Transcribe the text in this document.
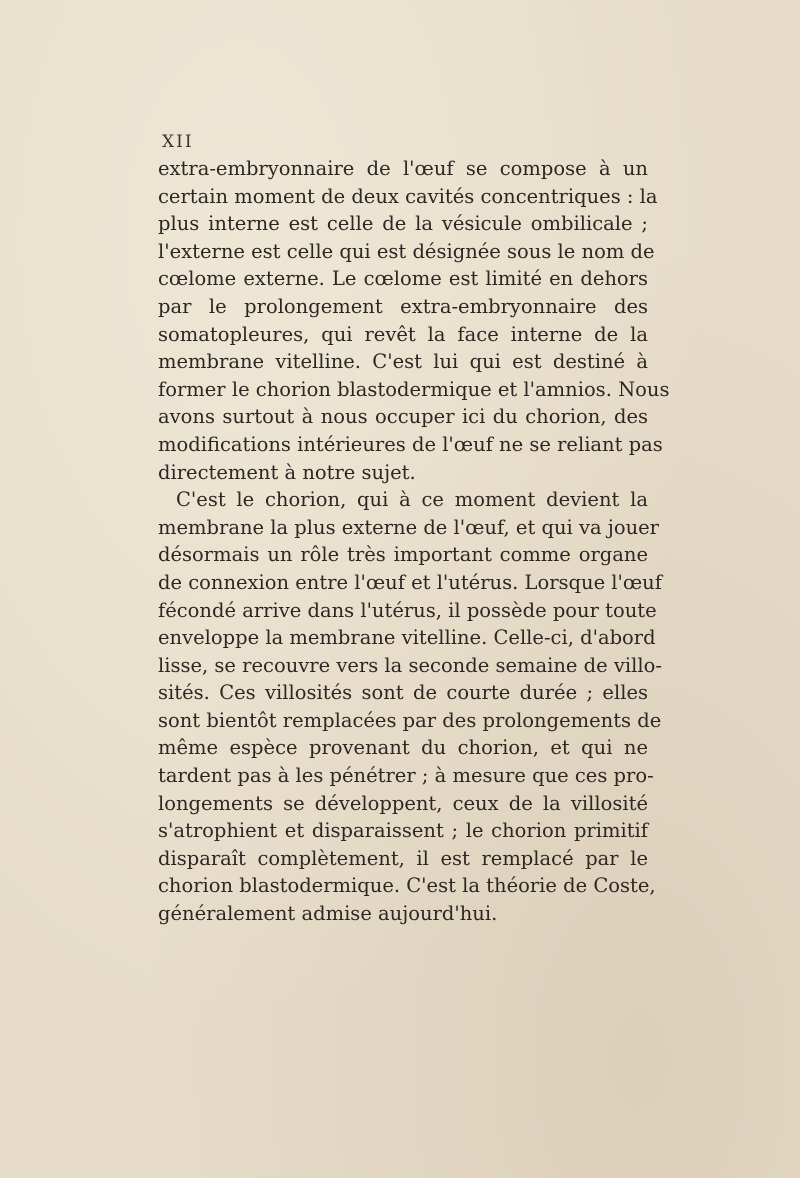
XII
extra-embryonnaire de l'œuf se compose à un
certain moment de deux cavités concentriques : la
plus interne est celle de la vésicule ombilicale ;
l'externe est celle qui est désignée sous le nom de
cœlome externe. Le cœlome est limité en dehors
par le prolongement extra-embryonnaire des
somatopleures, qui revêt la face interne de la
membrane vitelline. C'est lui qui est destiné à
former le chorion blastodermique et l'amnios. Nous
avons surtout à nous occuper ici du chorion, des
modifications intérieures de l'œuf ne se reliant pas
directement à notre sujet.
C'est le chorion, qui à ce moment devient la
membrane la plus externe de l'œuf, et qui va jouer
désormais un rôle très important comme organe
de connexion entre l'œuf et l'utérus. Lorsque l'œuf
fécondé arrive dans l'utérus, il possède pour toute
enveloppe la membrane vitelline. Celle-ci, d'abord
lisse, se recouvre vers la seconde semaine de villo-
sités. Ces villosités sont de courte durée ; elles
sont bientôt remplacées par des prolongements de
même espèce provenant du chorion, et qui ne
tardent pas à les pénétrer ; à mesure que ces pro-
longements se développent, ceux de la villosité
s'atrophient et disparaissent ; le chorion primitif
disparaît complètement, il est remplacé par le
chorion blastodermique. C'est la théorie de Coste,
généralement admise aujourd'hui.
